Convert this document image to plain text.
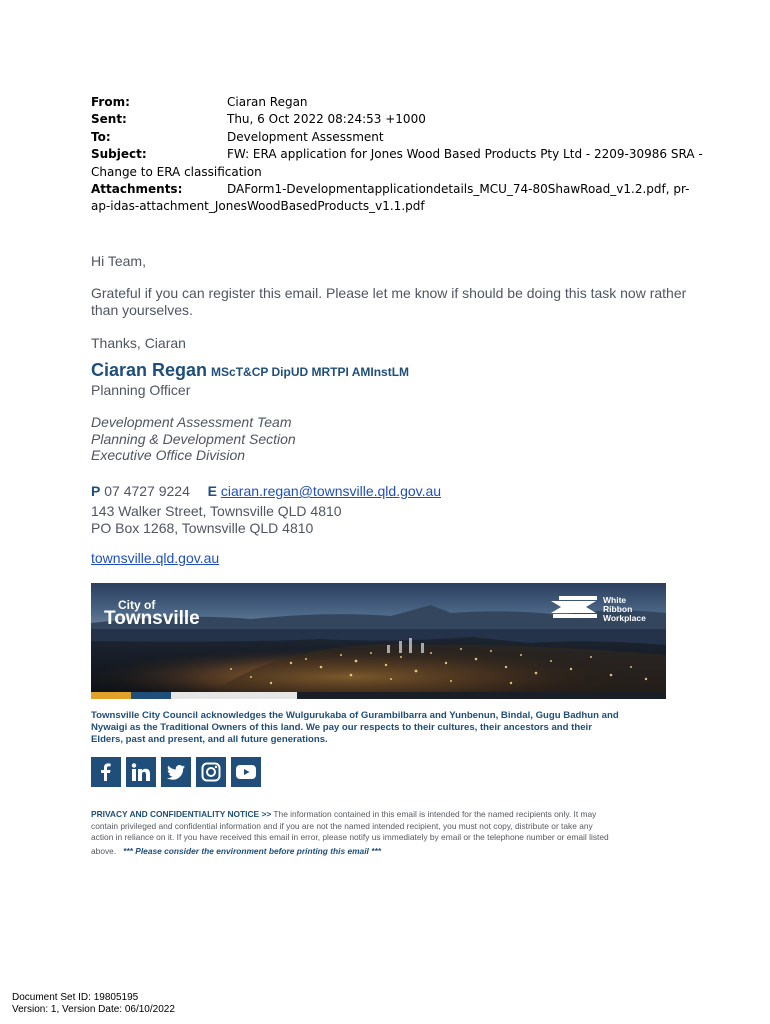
From:	Ciaran Regan
Sent:	Thu, 6 Oct 2022 08:24:53 +1000
To:	Development Assessment
Subject:	FW: ERA application for Jones Wood Based Products Pty Ltd - 2209-30986 SRA -
Change to ERA classification
Attachments:	DAForm1-Developmentapplicationdetails_MCU_74-80ShawRoad_v1.2.pdf, pr-
ap-idas-attachment_JonesWoodBasedProducts_v1.1.pdf
Hi Team,
Grateful if you can register this email. Please let me know if should be doing this task now rather
than yourselves.
Thanks, Ciaran
Ciaran Regan MScT&CP DipUD MRTPI AMInstLM
Planning Officer
Development Assessment Team
Planning & Development Section
Executive Office Division
P 07 4727 9224 E ciaran.regan@townsville.qld.gov.au
143 Walker Street, Townsville QLD 4810
PO Box 1268, Townsville QLD 4810
townsville.qld.gov.au
City of
Townsville
White
Ribbon
Workplace
Townsville City Council acknowledges the Wulgurukaba of Gurambilbarra and Yunbenun, Bindal, Gugu Badhun and
Nywaigi as the Traditional Owners of this land. We pay our respects to their cultures, their ancestors and their
Elders, past and present, and all future generations.
PRIVACY AND CONFIDENTIALITY NOTICE >> The information contained in this email is intended for the named recipients only. It may
contain privileged and confidential information and if you are not the named intended recipient, you must not copy, distribute or take any
action in reliance on it. If you have received this email in error, please notify us immediately by email or the telephone number or email listed
above. *** Please consider the environment before printing this email ***
Document Set ID: 19805195
Version: 1, Version Date: 06/10/2022
